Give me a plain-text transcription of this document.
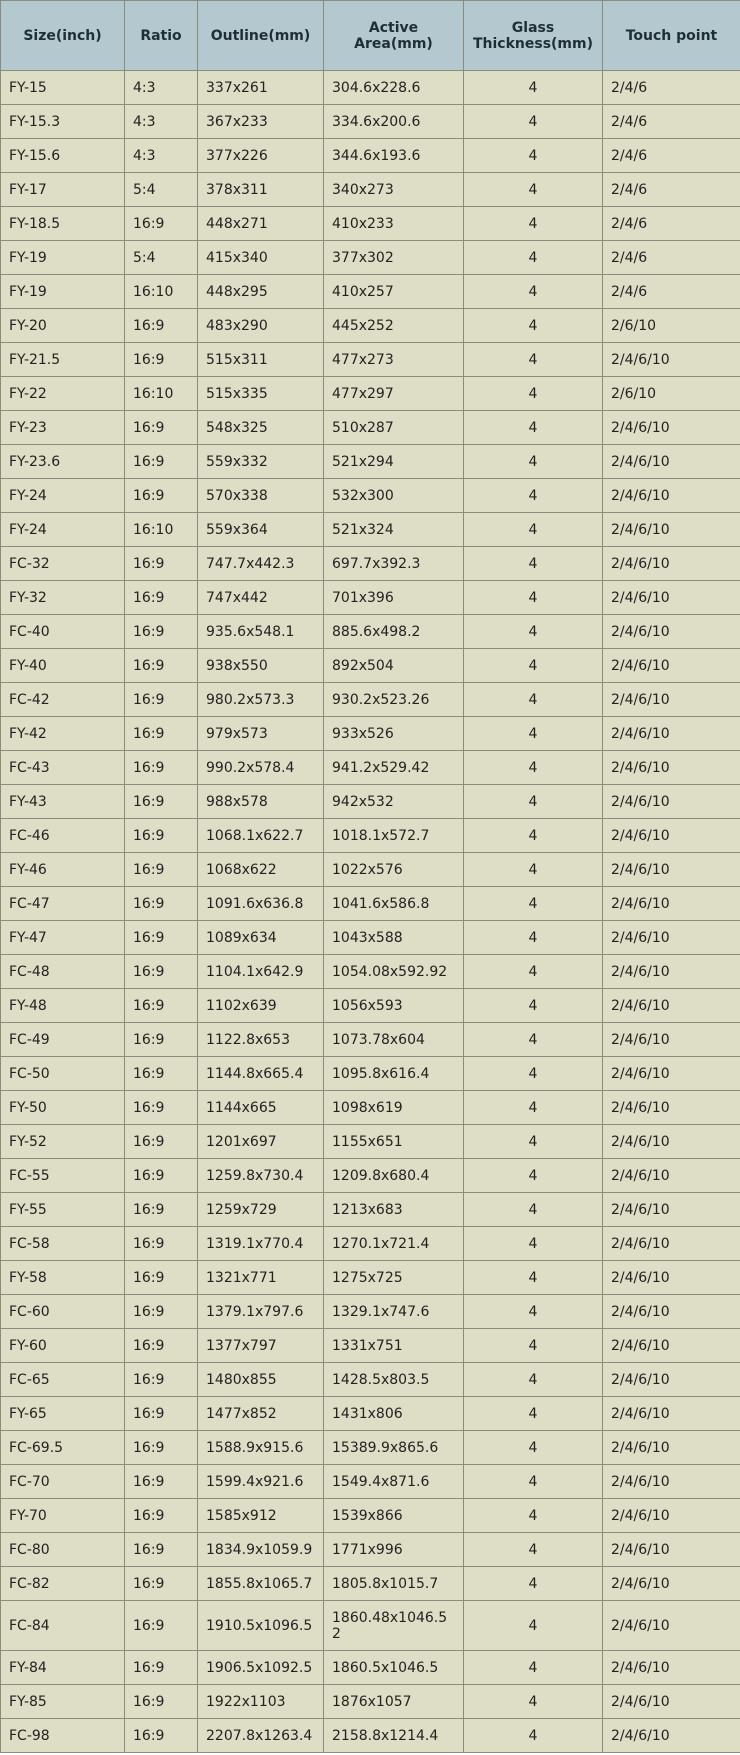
Size(inch)	Ratio	Outline(mm)	Active Area(mm)	Glass Thickness(mm)	Touch point
FY-15	4:3	337x261	304.6x228.6	4	2/4/6
FY-15.3	4:3	367x233	334.6x200.6	4	2/4/6
FY-15.6	4:3	377x226	344.6x193.6	4	2/4/6
FY-17	5:4	378x311	340x273	4	2/4/6
FY-18.5	16:9	448x271	410x233	4	2/4/6
FY-19	5:4	415x340	377x302	4	2/4/6
FY-19	16:10	448x295	410x257	4	2/4/6
FY-20	16:9	483x290	445x252	4	2/6/10
FY-21.5	16:9	515x311	477x273	4	2/4/6/10
FY-22	16:10	515x335	477x297	4	2/6/10
FY-23	16:9	548x325	510x287	4	2/4/6/10
FY-23.6	16:9	559x332	521x294	4	2/4/6/10
FY-24	16:9	570x338	532x300	4	2/4/6/10
FY-24	16:10	559x364	521x324	4	2/4/6/10
FC-32	16:9	747.7x442.3	697.7x392.3	4	2/4/6/10
FY-32	16:9	747x442	701x396	4	2/4/6/10
FC-40	16:9	935.6x548.1	885.6x498.2	4	2/4/6/10
FY-40	16:9	938x550	892x504	4	2/4/6/10
FC-42	16:9	980.2x573.3	930.2x523.26	4	2/4/6/10
FY-42	16:9	979x573	933x526	4	2/4/6/10
FC-43	16:9	990.2x578.4	941.2x529.42	4	2/4/6/10
FY-43	16:9	988x578	942x532	4	2/4/6/10
FC-46	16:9	1068.1x622.7	1018.1x572.7	4	2/4/6/10
FY-46	16:9	1068x622	1022x576	4	2/4/6/10
FC-47	16:9	1091.6x636.8	1041.6x586.8	4	2/4/6/10
FY-47	16:9	1089x634	1043x588	4	2/4/6/10
FC-48	16:9	1104.1x642.9	1054.08x592.92	4	2/4/6/10
FY-48	16:9	1102x639	1056x593	4	2/4/6/10
FC-49	16:9	1122.8x653	1073.78x604	4	2/4/6/10
FC-50	16:9	1144.8x665.4	1095.8x616.4	4	2/4/6/10
FY-50	16:9	1144x665	1098x619	4	2/4/6/10
FY-52	16:9	1201x697	1155x651	4	2/4/6/10
FC-55	16:9	1259.8x730.4	1209.8x680.4	4	2/4/6/10
FY-55	16:9	1259x729	1213x683	4	2/4/6/10
FC-58	16:9	1319.1x770.4	1270.1x721.4	4	2/4/6/10
FY-58	16:9	1321x771	1275x725	4	2/4/6/10
FC-60	16:9	1379.1x797.6	1329.1x747.6	4	2/4/6/10
FY-60	16:9	1377x797	1331x751	4	2/4/6/10
FC-65	16:9	1480x855	1428.5x803.5	4	2/4/6/10
FY-65	16:9	1477x852	1431x806	4	2/4/6/10
FC-69.5	16:9	1588.9x915.6	15389.9x865.6	4	2/4/6/10
FC-70	16:9	1599.4x921.6	1549.4x871.6	4	2/4/6/10
FY-70	16:9	1585x912	1539x866	4	2/4/6/10
FC-80	16:9	1834.9x1059.9	1771x996	4	2/4/6/10
FC-82	16:9	1855.8x1065.7	1805.8x1015.7	4	2/4/6/10
FC-84	16:9	1910.5x1096.5	1860.48x1046.52	4	2/4/6/10
FY-84	16:9	1906.5x1092.5	1860.5x1046.5	4	2/4/6/10
FY-85	16:9	1922x1103	1876x1057	4	2/4/6/10
FC-98	16:9	2207.8x1263.4	2158.8x1214.4	4	2/4/6/10
